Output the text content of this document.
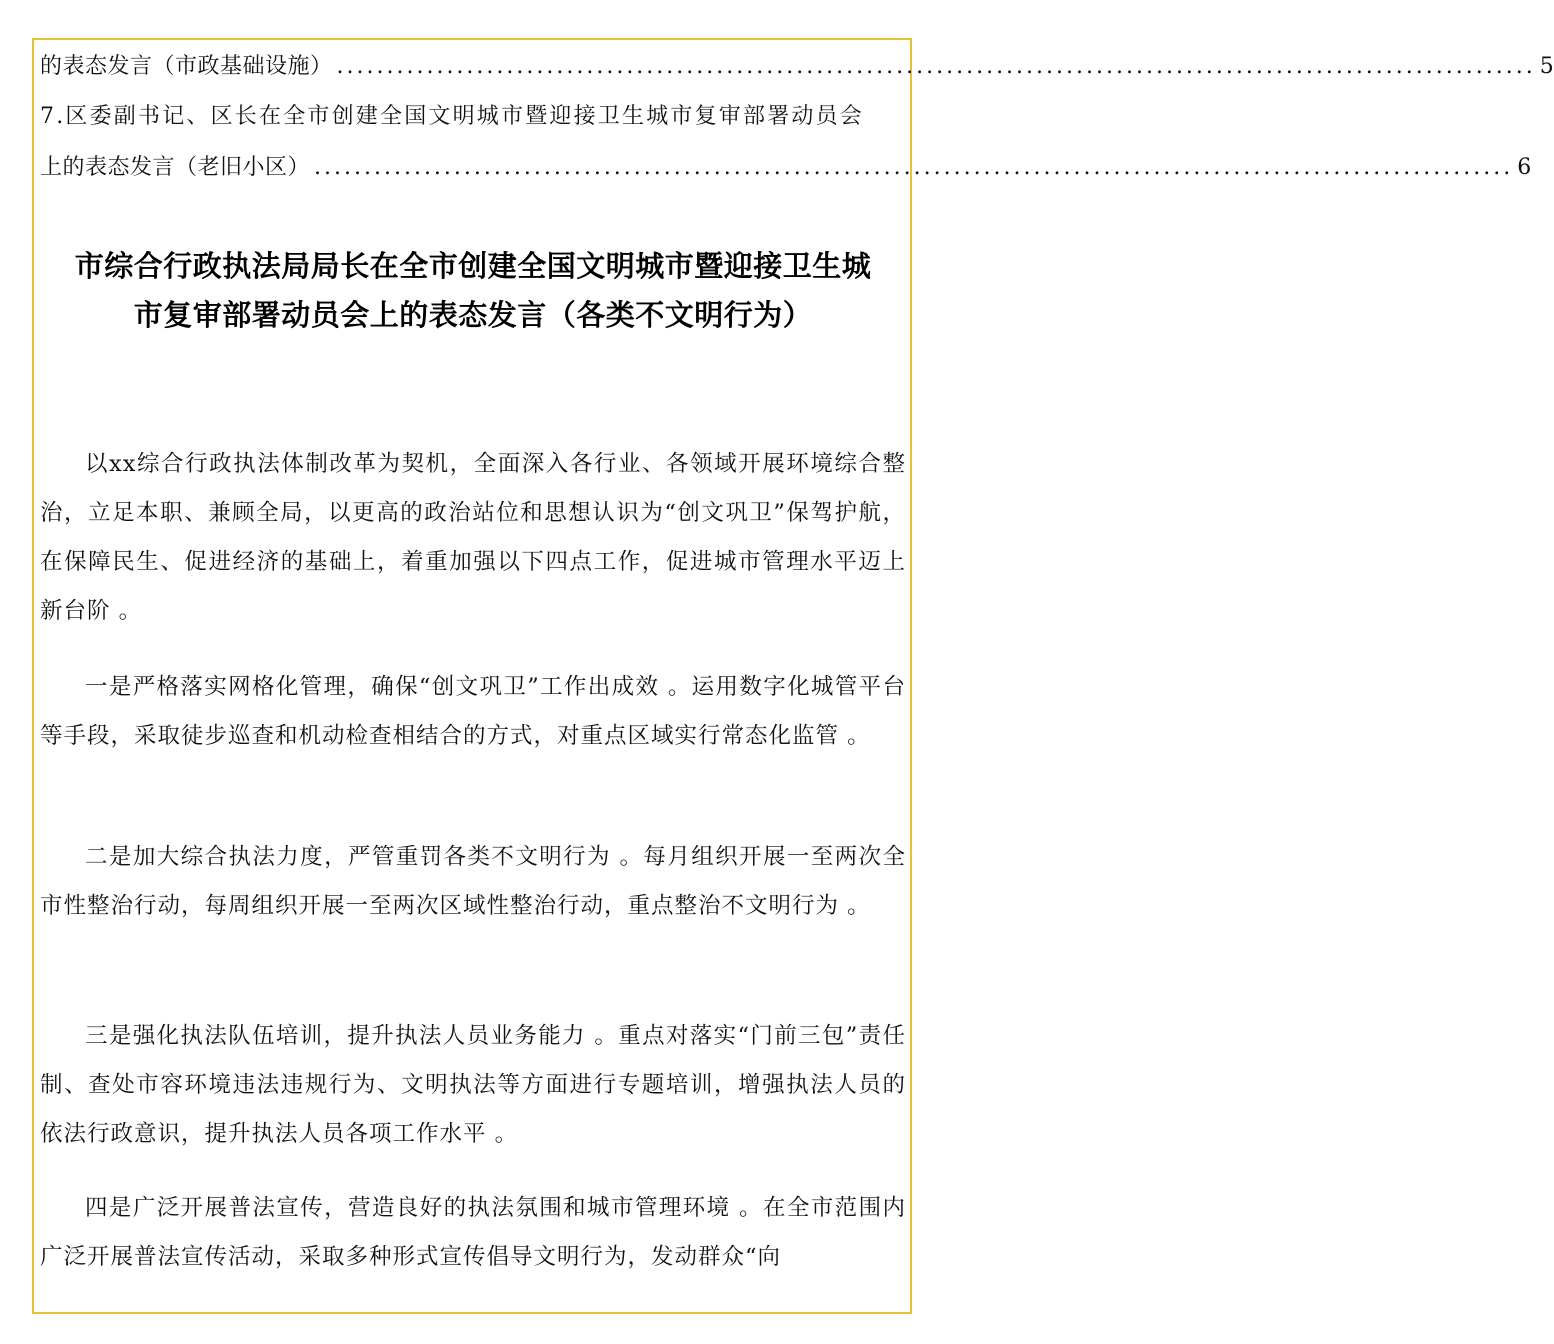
的表态发言（市政基础设施） ........................................................................................................................ 5
7.区委副书记、区长在全市创建全国文明城市暨迎接卫生城市复审部署动员会
上的表态发言（老旧小区） ........................................................................................................................ 6
市综合行政执法局局长在全市创建全国文明城市暨迎接卫生城
市复审部署动员会上的表态发言（各类不文明行为）

以xx综合行政执法体制改革为契机，全面深入各行业、各领域开展环境综合整治，立足本职、兼顾全局，以更高的政治站位和思想认识为“创文巩卫”保驾护航，在保障民生、促进经济的基础上，着重加强以下四点工作，促进城市管理水平迈上新台阶 。

一是严格落实网格化管理，确保“创文巩卫”工作出成效 。运用数字化城管平台等手段，采取徒步巡查和机动检查相结合的方式，对重点区域实行常态化监管 。

二是加大综合执法力度，严管重罚各类不文明行为 。每月组织开展一至两次全市性整治行动，每周组织开展一至两次区域性整治行动，重点整治不文明行为 。

三是强化执法队伍培训，提升执法人员业务能力 。重点对落实“门前三包”责任制、查处市容环境违法违规行为、文明执法等方面进行专题培训，增强执法人员的依法行政意识，提升执法人员各项工作水平 。

四是广泛开展普法宣传，营造良好的执法氛围和城市管理环境 。在全市范围内广泛开展普法宣传活动，采取多种形式宣传倡导文明行为，发动群众“向
